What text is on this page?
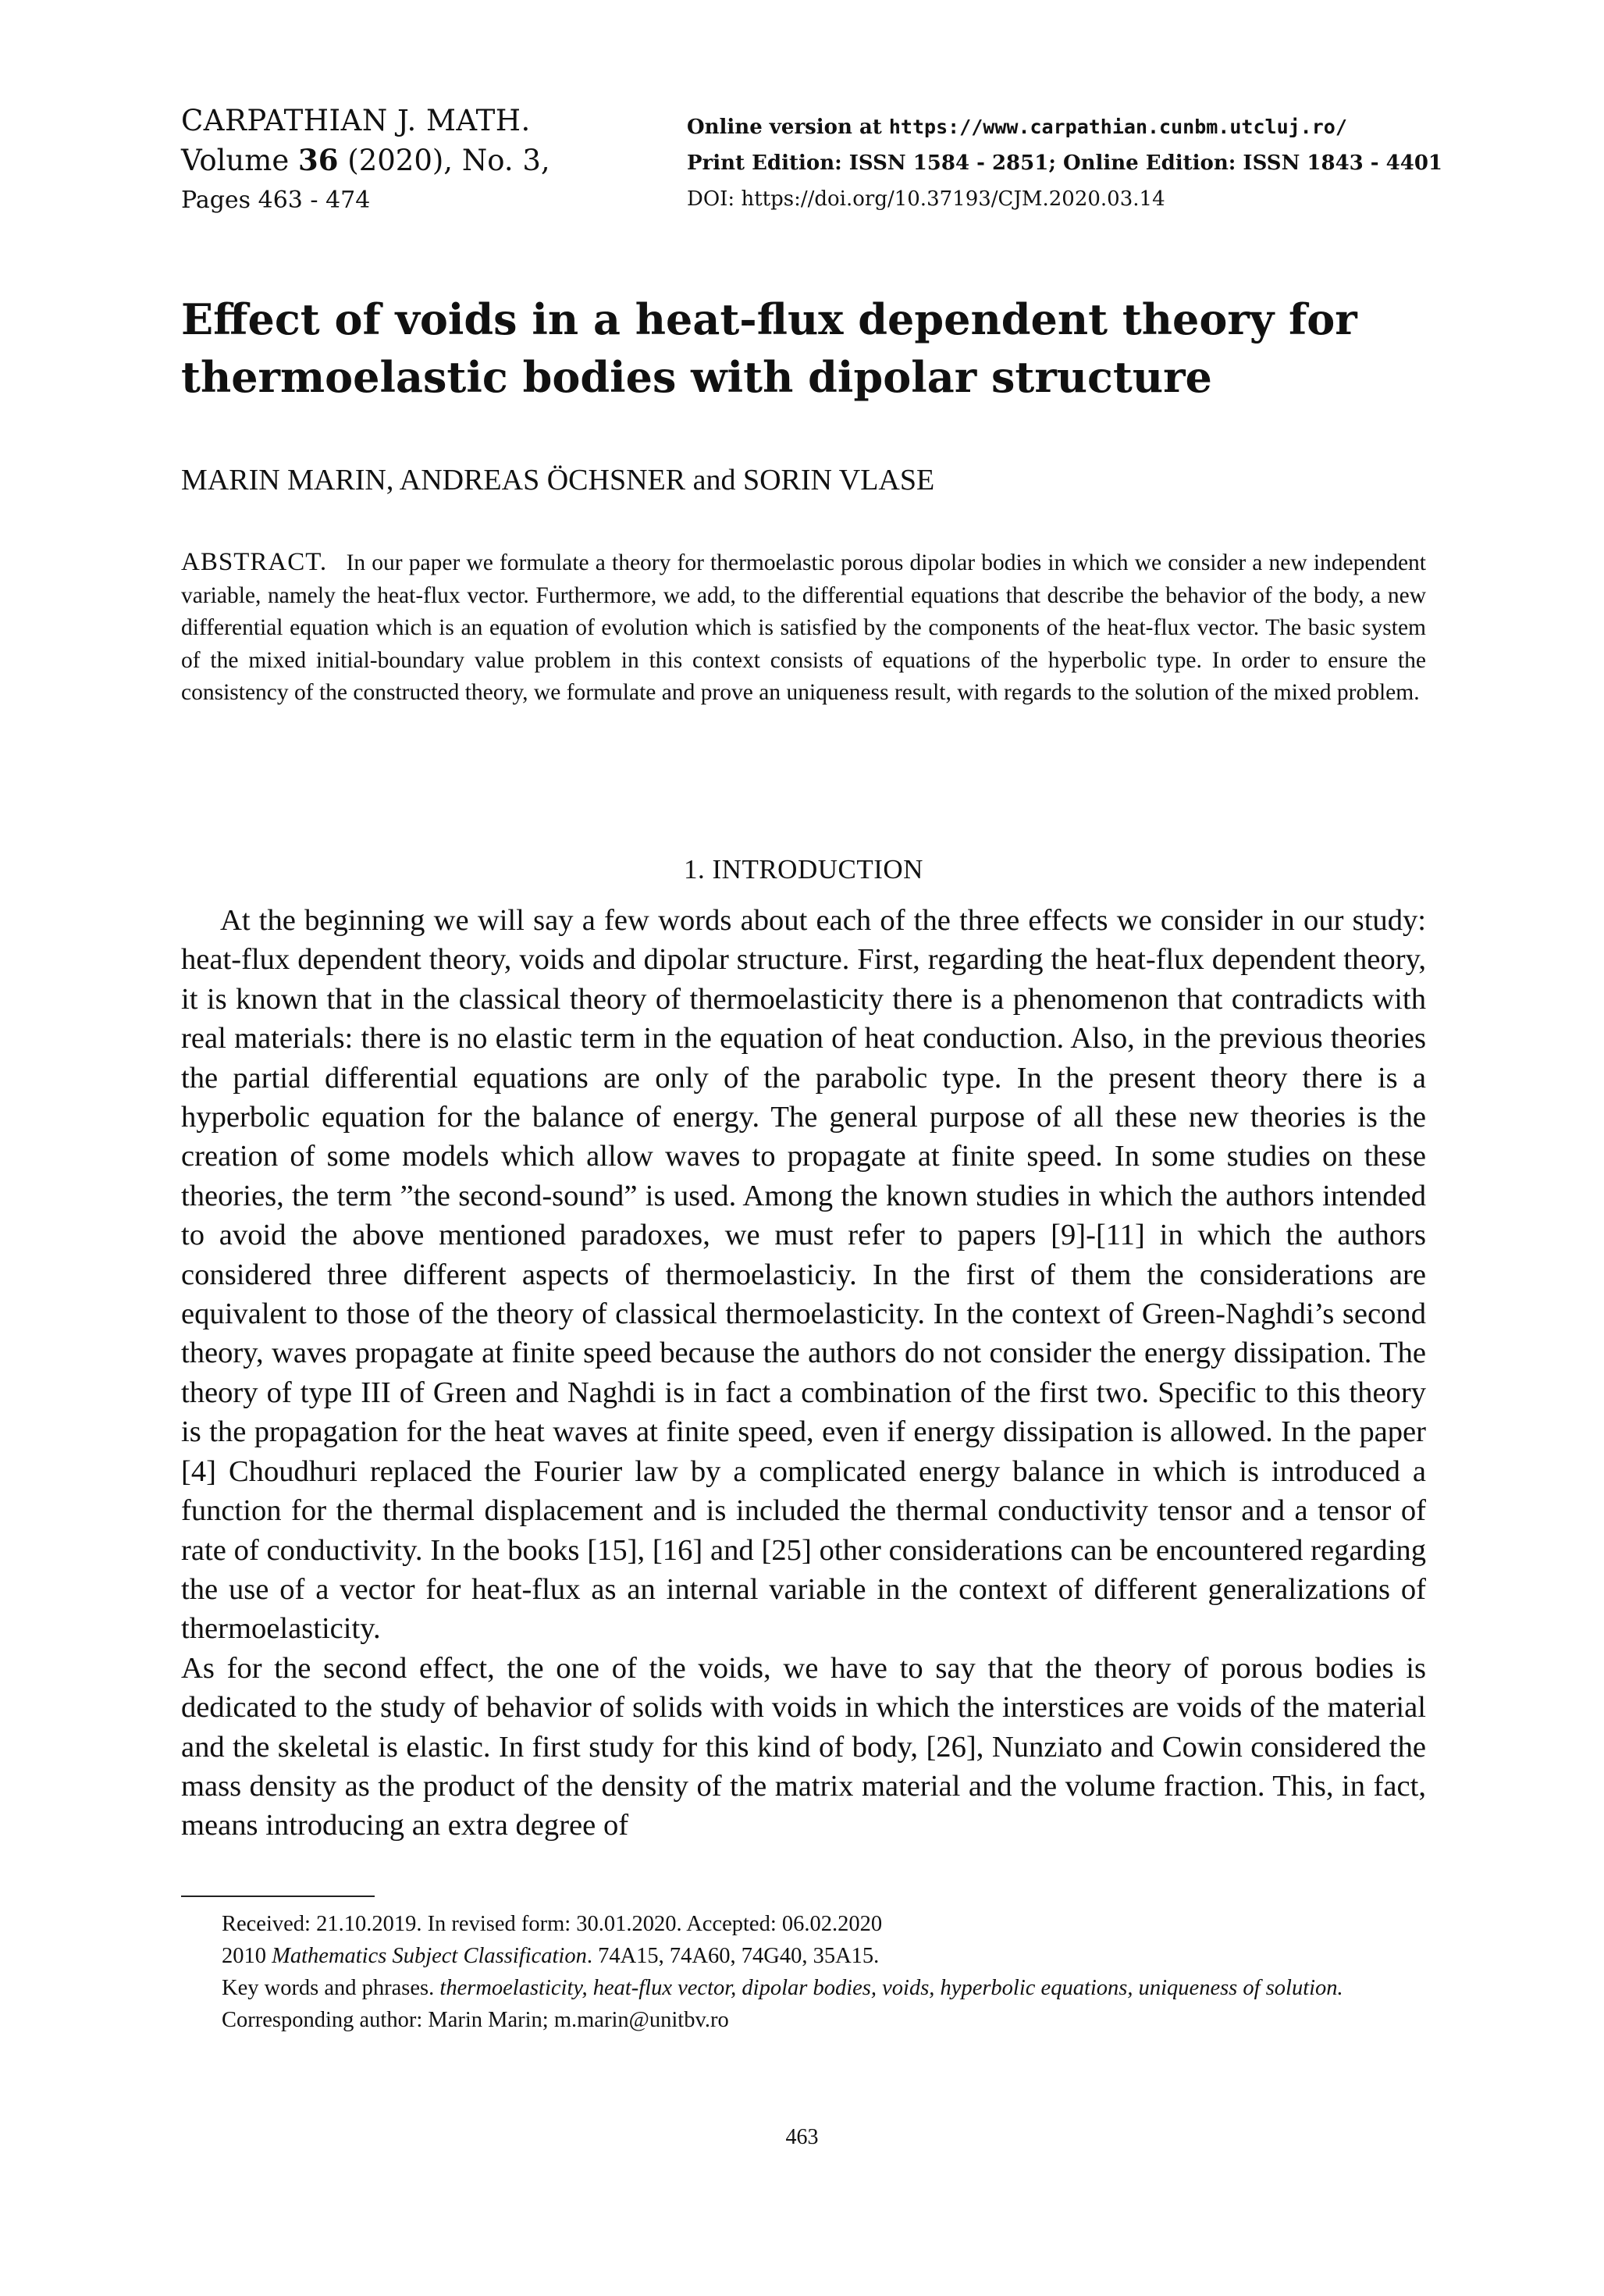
CARPATHIAN J. MATH.
Volume 36 (2020), No. 3,
Pages 463 - 474
Online version at https://www.carpathian.cunbm.utcluj.ro/
Print Edition: ISSN 1584 - 2851; Online Edition: ISSN 1843 - 4401
DOI: https://doi.org/10.37193/CJM.2020.03.14
Effect of voids in a heat-flux dependent theory for
thermoelastic bodies with dipolar structure
MARIN MARIN, ANDREAS ÖCHSNER and SORIN VLASE
ABSTRACT. In our paper we formulate a theory for thermoelastic porous dipolar bodies in which we consider a new independent variable, namely the heat-flux vector. Furthermore, we add, to the differential equations that describe the behavior of the body, a new differential equation which is an equation of evolution which is satisfied by the components of the heat-flux vector. The basic system of the mixed initial-boundary value problem in this context consists of equations of the hyperbolic type. In order to ensure the consistency of the constructed theory, we formulate and prove an uniqueness result, with regards to the solution of the mixed problem.
1. INTRODUCTION

At the beginning we will say a few words about each of the three effects we consider in our study: heat-flux dependent theory, voids and dipolar structure. First, regarding the heat-flux dependent theory, it is known that in the classical theory of thermoelasticity there is a phenomenon that contradicts with real materials: there is no elastic term in the equation of heat conduction. Also, in the previous theories the partial differential equations are only of the parabolic type. In the present theory there is a hyperbolic equation for the balance of energy. The general purpose of all these new theories is the creation of some models which allow waves to propagate at finite speed. In some studies on these theories, the term ”the second-sound” is used. Among the known studies in which the authors intended to avoid the above mentioned paradoxes, we must refer to papers [9]-[11] in which the authors considered three different aspects of thermoelasticiy. In the first of them the considerations are equivalent to those of the theory of classical thermoelasticity. In the context of Green-Naghdi’s second theory, waves propagate at finite speed because the authors do not consider the energy dissipation. The theory of type III of Green and Naghdi is in fact a combination of the first two. Specific to this theory is the propagation for the heat waves at finite speed, even if energy dissipation is allowed. In the paper [4] Choudhuri replaced the Fourier law by a complicated energy balance in which is introduced a function for the thermal displacement and is included the thermal conductivity tensor and a tensor of rate of conductivity. In the books [15], [16] and [25] other considerations can be encountered regarding the use of a vector for heat-flux as an internal variable in the context of different generalizations of thermoelasticity.

As for the second effect, the one of the voids, we have to say that the theory of porous bodies is dedicated to the study of behavior of solids with voids in which the interstices are voids of the material and the skeletal is elastic. In first study for this kind of body, [26], Nunziato and Cowin considered the mass density as the product of the density of the matrix material and the volume fraction. This, in fact, means introducing an extra degree of

Received: 21.10.2019. In revised form: 30.01.2020. Accepted: 06.02.2020

2010 Mathematics Subject Classification. 74A15, 74A60, 74G40, 35A15.

Key words and phrases. thermoelasticity, heat-flux vector, dipolar bodies, voids, hyperbolic equations, uniqueness of solution.

Corresponding author: Marin Marin; m.marin@unitbv.ro

463
